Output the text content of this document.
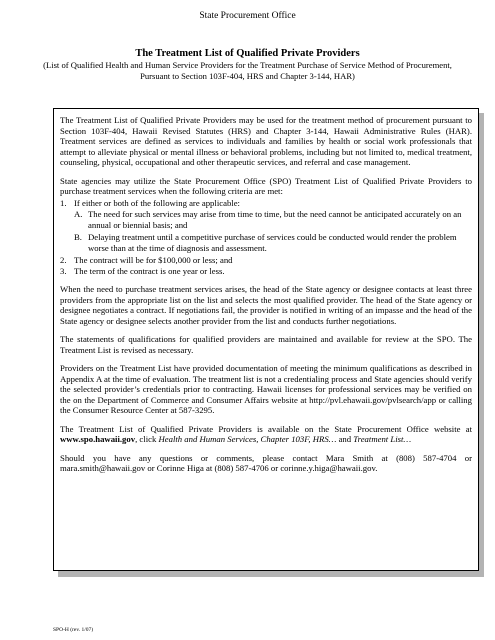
State Procurement Office
The Treatment List of Qualified Private Providers
(List of Qualified Health and Human Service Providers for the Treatment Purchase of Service Method of Procurement, Pursuant to Section 103F-404, HRS and Chapter 3-144, HAR)

The Treatment List of Qualified Private Providers may be used for the treatment method of procurement pursuant to Section 103F-404, Hawaii Revised Statutes (HRS) and Chapter 3-144, Hawaii Administrative Rules (HAR). Treatment services are defined as services to individuals and families by health or social work professionals that attempt to alleviate physical or mental illness or behavioral problems, including but not limited to, medical treatment, counseling, physical, occupational and other therapeutic services, and referral and case management.

State agencies may utilize the State Procurement Office (SPO) Treatment List of Qualified Private Providers to purchase treatment services when the following criteria are met:

1. If either or both of the following are applicable:
A. The need for such services may arise from time to time, but the need cannot be anticipated accurately on an annual or biennial basis; and
B. Delaying treatment until a competitive purchase of services could be conducted would render the problem worse than at the time of diagnosis and assessment.
2. The contract will be for $100,000 or less; and
3. The term of the contract is one year or less.

When the need to purchase treatment services arises, the head of the State agency or designee contacts at least three providers from the appropriate list on the list and selects the most qualified provider. The head of the State agency or designee negotiates a contract. If negotiations fail, the provider is notified in writing of an impasse and the head of the State agency or designee selects another provider from the list and conducts further negotiations.

The statements of qualifications for qualified providers are maintained and available for review at the SPO. The Treatment List is revised as necessary.

Providers on the Treatment List have provided documentation of meeting the minimum qualifications as described in Appendix A at the time of evaluation. The treatment list is not a credentialing process and State agencies should verify the selected provider’s credentials prior to contracting. Hawaii licenses for professional services may be verified on the on the Department of Commerce and Consumer Affairs website at http://pvl.ehawaii.gov/pvlsearch/app or calling the Consumer Resource Center at 587-3295.

The Treatment List of Qualified Private Providers is available on the State Procurement Office website at www.spo.hawaii.gov, click Health and Human Services, Chapter 103F, HRS… and Treatment List…

Should you have any questions or comments, please contact Mara Smith at (808) 587-4704 or mara.smith@hawaii.gov or Corinne Higa at (808) 587-4706 or corinne.y.higa@hawaii.gov.

SPO-H (rev. 1/07)
